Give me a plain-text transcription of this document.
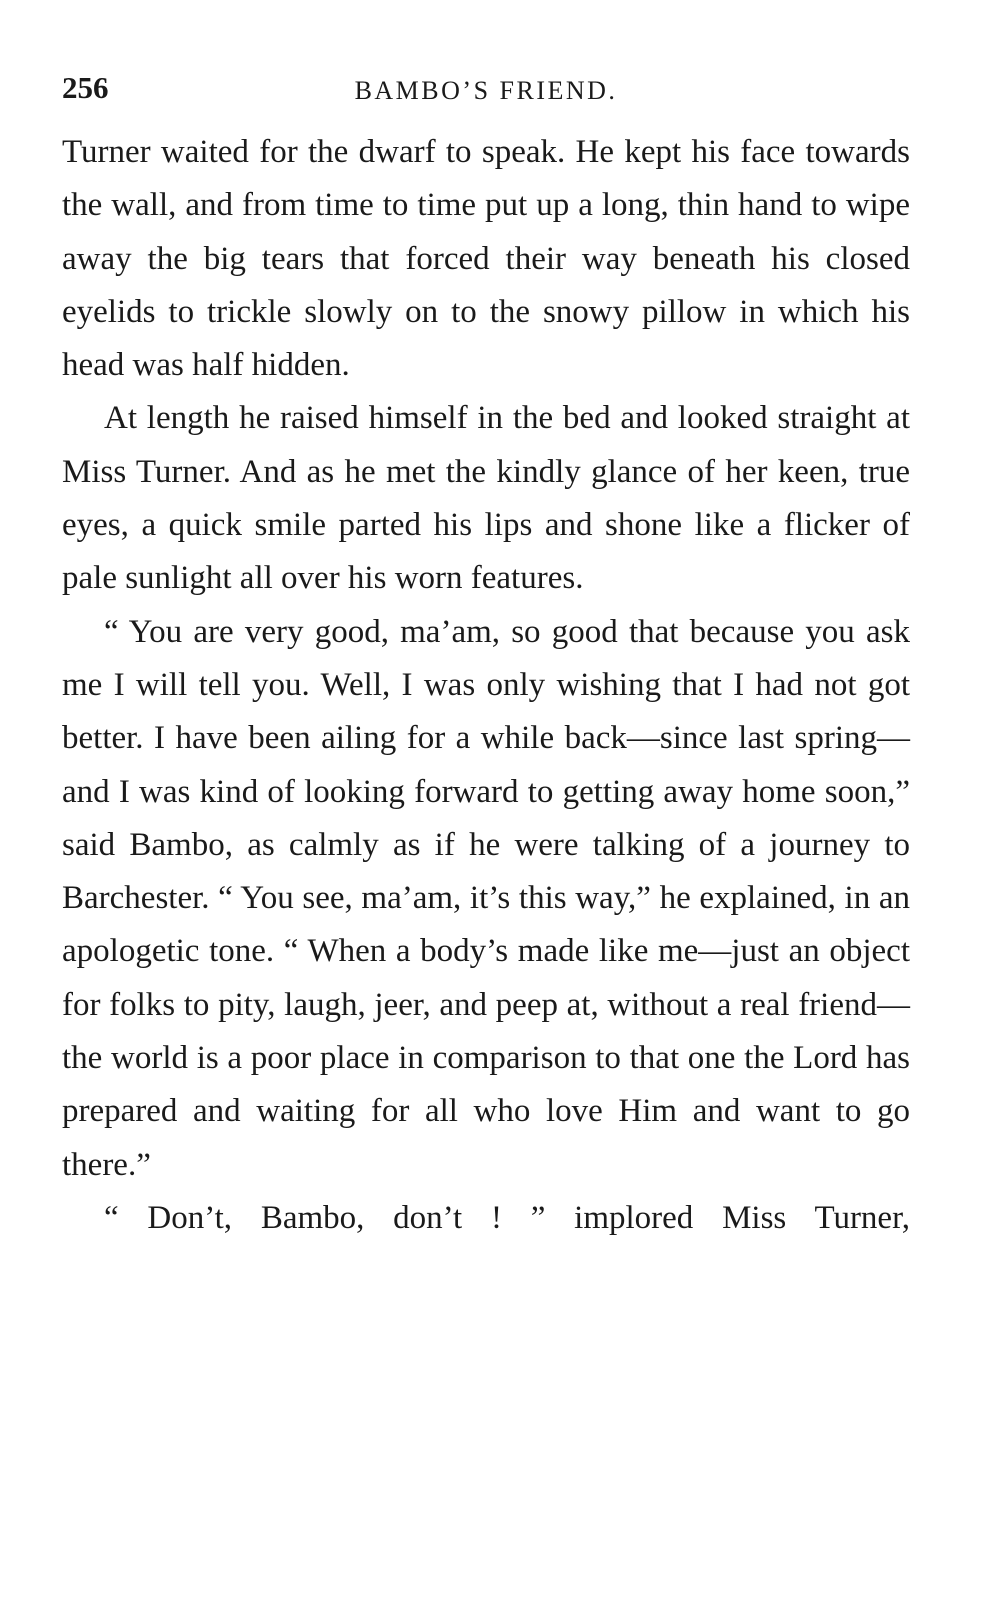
256	BAMBO’S FRIEND.

Turner waited for the dwarf to speak. He kept his face towards the wall, and from time to time put up a long, thin hand to wipe away the big tears that forced their way beneath his closed eyelids to trickle slowly on to the snowy pillow in which his head was half hidden.

At length he raised himself in the bed and looked straight at Miss Turner. And as he met the kindly glance of her keen, true eyes, a quick smile parted his lips and shone like a flicker of pale sunlight all over his worn features.

“ You are very good, ma’am, so good that because you ask me I will tell you. Well, I was only wishing that I had not got better. I have been ailing for a while back—since last spring—and I was kind of looking forward to getting away home soon,” said Bambo, as calmly as if he were talking of a journey to Barchester. “ You see, ma’am, it’s this way,” he explained, in an apologetic tone. “ When a body’s made like me—just an object for folks to pity, laugh, jeer, and peep at, without a real friend—the world is a poor place in comparison to that one the Lord has prepared and waiting for all who love Him and want to go there.”

“ Don’t, Bambo, don’t ! ” implored Miss Turner,
